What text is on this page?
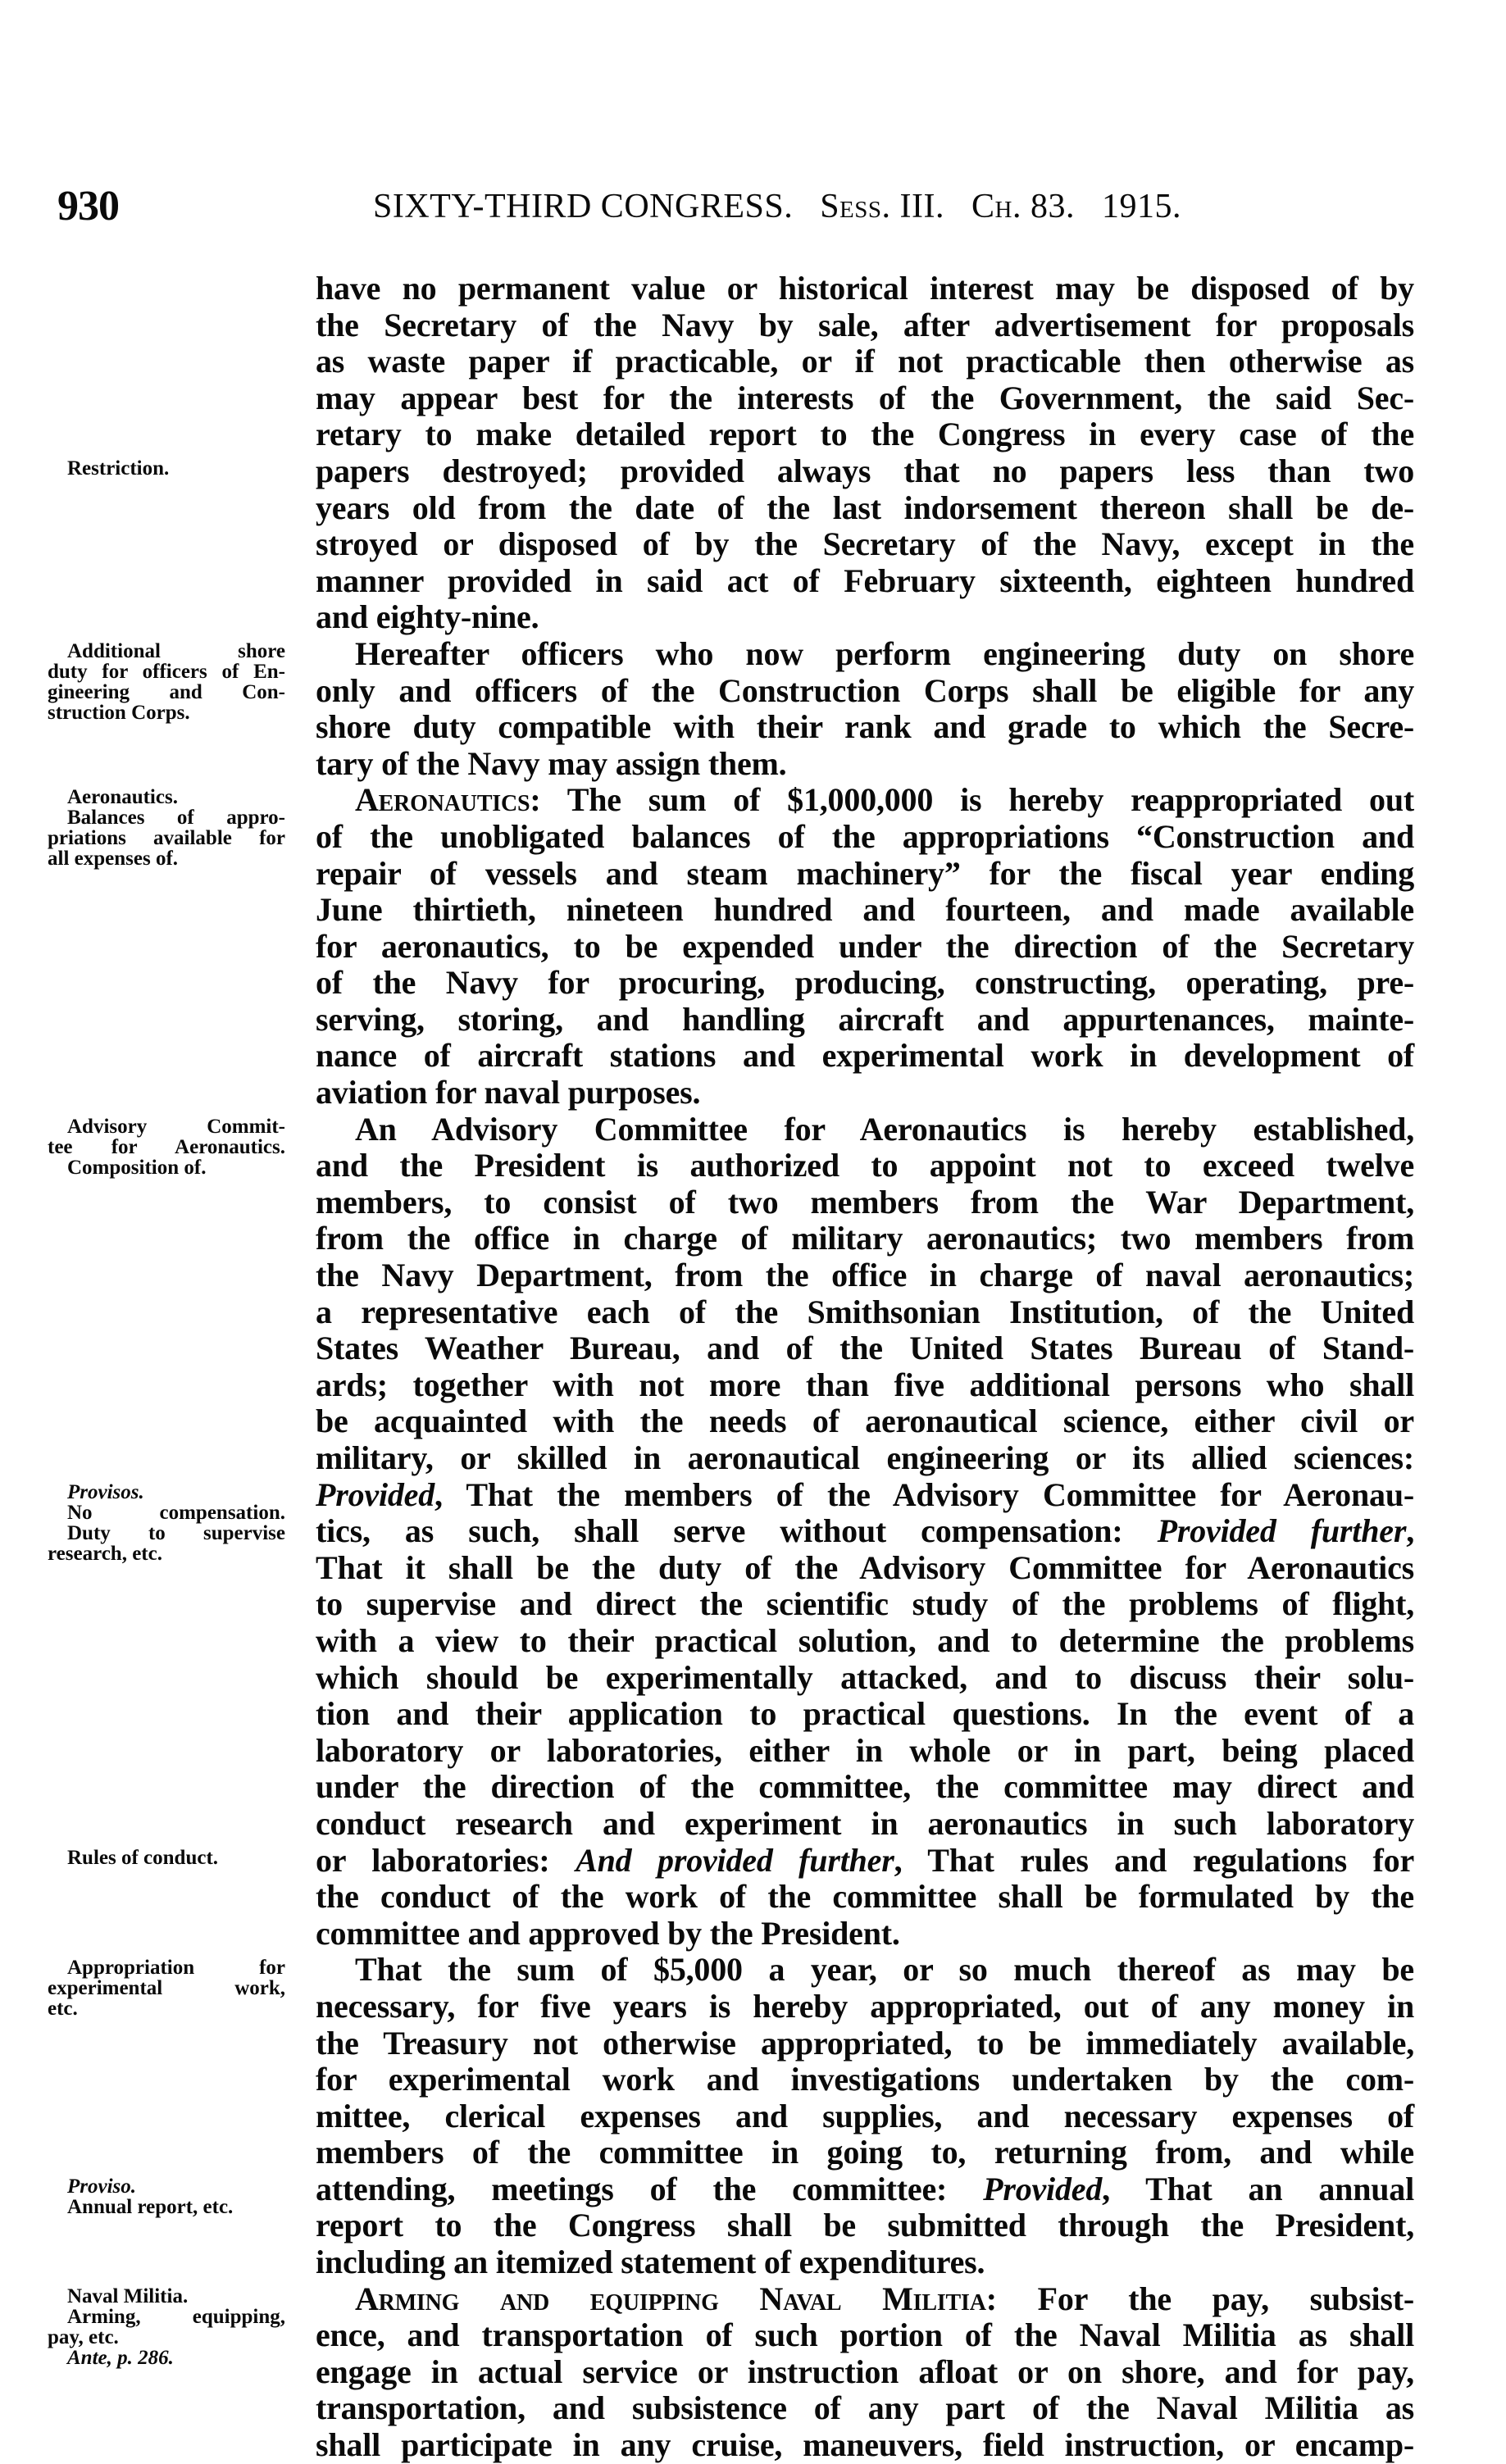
930	SIXTY-THIRD CONGRESS. Sess. III. Ch. 83. 1915.
have no permanent value or historical interest may be disposed of by
the Secretary of the Navy by sale, after advertisement for proposals
as waste paper if practicable, or if not practicable then otherwise as
may appear best for the interests of the Government, the said Sec-
retary to make detailed report to the Congress in every case of the
papers destroyed; provided always that no papers less than two
years old from the date of the last indorsement thereon shall be de-
stroyed or disposed of by the Secretary of the Navy, except in the
manner provided in said act of February sixteenth, eighteen hundred
and eighty-nine.
Hereafter officers who now perform engineering duty on shore
only and officers of the Construction Corps shall be eligible for any
shore duty compatible with their rank and grade to which the Secre-
tary of the Navy may assign them.
Aeronautics: The sum of $1,000,000 is hereby reappropriated out
of the unobligated balances of the appropriations “Construction and
repair of vessels and steam machinery” for the fiscal year ending
June thirtieth, nineteen hundred and fourteen, and made available
for aeronautics, to be expended under the direction of the Secretary
of the Navy for procuring, producing, constructing, operating, pre-
serving, storing, and handling aircraft and appurtenances, mainte-
nance of aircraft stations and experimental work in development of
aviation for naval purposes.
An Advisory Committee for Aeronautics is hereby established,
and the President is authorized to appoint not to exceed twelve
members, to consist of two members from the War Department,
from the office in charge of military aeronautics; two members from
the Navy Department, from the office in charge of naval aeronautics;
a representative each of the Smithsonian Institution, of the United
States Weather Bureau, and of the United States Bureau of Stand-
ards; together with not more than five additional persons who shall
be acquainted with the needs of aeronautical science, either civil or
military, or skilled in aeronautical engineering or its allied sciences:
Provided, That the members of the Advisory Committee for Aeronau-
tics, as such, shall serve without compensation: Provided further,
That it shall be the duty of the Advisory Committee for Aeronautics
to supervise and direct the scientific study of the problems of flight,
with a view to their practical solution, and to determine the problems
which should be experimentally attacked, and to discuss their solu-
tion and their application to practical questions. In the event of a
laboratory or laboratories, either in whole or in part, being placed
under the direction of the committee, the committee may direct and
conduct research and experiment in aeronautics in such laboratory
or laboratories: And provided further, That rules and regulations for
the conduct of the work of the committee shall be formulated by the
committee and approved by the President.
That the sum of $5,000 a year, or so much thereof as may be
necessary, for five years is hereby appropriated, out of any money in
the Treasury not otherwise appropriated, to be immediately available,
for experimental work and investigations undertaken by the com-
mittee, clerical expenses and supplies, and necessary expenses of
members of the committee in going to, returning from, and while
attending, meetings of the committee: Provided, That an annual
report to the Congress shall be submitted through the President,
including an itemized statement of expenditures.
Arming and equipping Naval Militia: For the pay, subsist-
ence, and transportation of such portion of the Naval Militia as shall
engage in actual service or instruction afloat or on shore, and for pay,
transportation, and subsistence of any part of the Naval Militia as
shall participate in any cruise, maneuvers, field instruction, or encamp-
Restriction.
Additional shore
duty for officers of En-
gineering and Con-
struction Corps.
Aeronautics.
Balances of appro-
priations available for
all expenses of.
Advisory Commit-
tee for Aeronautics.
Composition of.
Provisos.
No compensation.
Duty to supervise
research, etc.
Rules of conduct.
Appropriation for
experimental work,
etc.
Proviso.
Annual report, etc.
Naval Militia.
Arming, equipping,
pay, etc.
Ante, p. 286.
